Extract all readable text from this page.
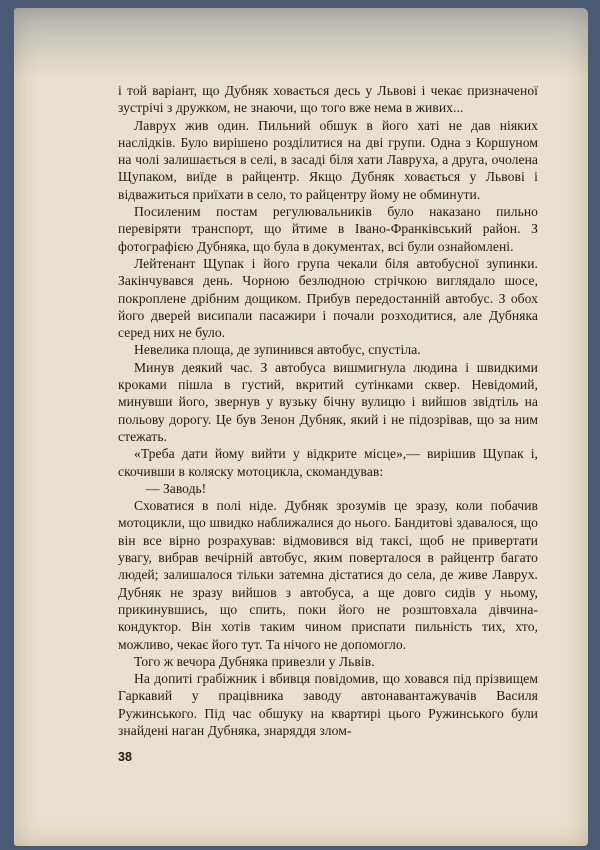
і той варіант, що Дубняк ховається десь у Львові і чекає призначеної зустрічі з дружком, не знаючи, що того вже нема в живих...

Лаврух жив один. Пильний обшук в його хаті не дав ніяких наслідків. Було вирішено розділитися на дві групи. Одна з Коршуном на чолі залишається в селі, в засаді біля хати Лавруха, а друга, очолена Щупаком, виїде в райцентр. Якщо Дубняк ховається у Львові і відважиться приїхати в село, то райцентру йому не обминути.

Посиленим постам регулювальників було наказано пильно перевіряти транспорт, що йтиме в Івано-Франківський район. З фотографією Дубняка, що була в документах, всі були ознайомлені.

Лейтенант Щупак і його група чекали біля автобусної зупинки. Закінчувався день. Чорною безлюдною стрічкою виглядало шосе, покроплене дрібним дощиком. Прибув передостанній автобус. З обох його дверей висипали пасажири і почали розходитися, але Дубняка серед них не було.

Невелика площа, де зупинився автобус, спустіла.

Минув деякий час. З автобуса вишмигнула людина і швидкими кроками пішла в густий, вкритий сутінками сквер. Невідомий, минувши його, звернув у вузьку бічну вулицю і вийшов звідтіль на польову дорогу. Це був Зенон Дубняк, який і не підозрівав, що за ним стежать.

«Треба дати йому вийти у відкрите місце»,— вирішив Щупак і, скочивши в коляску мотоцикла, скомандував:

— Заводь!

Сховатися в полі ніде. Дубняк зрозумів це зразу, коли побачив мотоцикли, що швидко наближалися до нього. Бандитові здавалося, що він все вірно розрахував: відмовився від таксі, щоб не привертати увагу, вибрав вечірній автобус, яким поверталося в райцентр багато людей; залишалося тільки затемна дістатися до села, де живе Лаврух. Дубняк не зразу вийшов з автобуса, а ще довго сидів у ньому, прикинувшись, що спить, поки його не розштовхала дівчина-кондуктор. Він хотів таким чином приспати пильність тих, хто, можливо, чекає його тут. Та нічого не допомогло.

Того ж вечора Дубняка привезли у Львів.

На допиті грабіжник і вбивця повідомив, що ховався під прізвищем Гаркавий у працівника заводу автонавантажувачів Василя Ружинського. Під час обшуку на квартирі цього Ружинського були знайдені наган Дубняка, знаряддя злом-

38
